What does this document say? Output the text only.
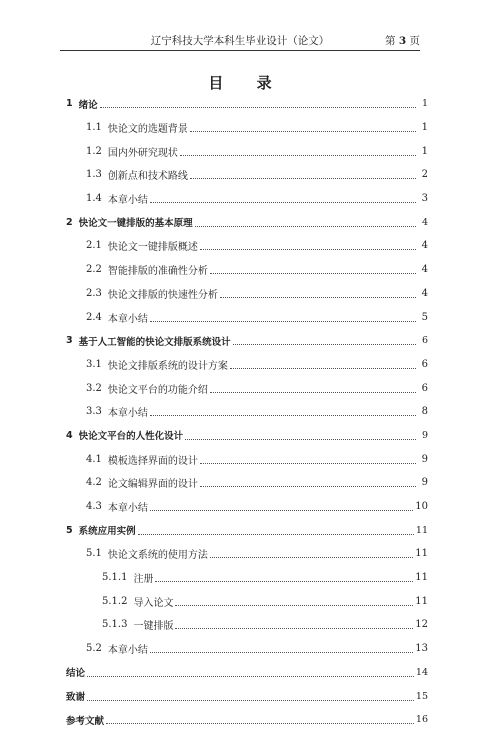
辽宁科技大学本科生毕业设计（论文）	第 3 页
目 录
1 绪论	1
1.1 快论文的选题背景	1
1.2 国内外研究现状	1
1.3 创新点和技术路线	2
1.4 本章小结	3
2 快论文一键排版的基本原理	4
2.1 快论文一键排版概述	4
2.2 智能排版的准确性分析	4
2.3 快论文排版的快速性分析	4
2.4 本章小结	5
3 基于人工智能的快论文排版系统设计	6
3.1 快论文排版系统的设计方案	6
3.2 快论文平台的功能介绍	6
3.3 本章小结	8
4 快论文平台的人性化设计	9
4.1 模板选择界面的设计	9
4.2 论文编辑界面的设计	9
4.3 本章小结	10
5 系统应用实例	11
5.1 快论文系统的使用方法	11
5.1.1 注册	11
5.1.2 导入论文	11
5.1.3 一键排版	12
5.2 本章小结	13
结论	14
致谢	15
参考文献	16
